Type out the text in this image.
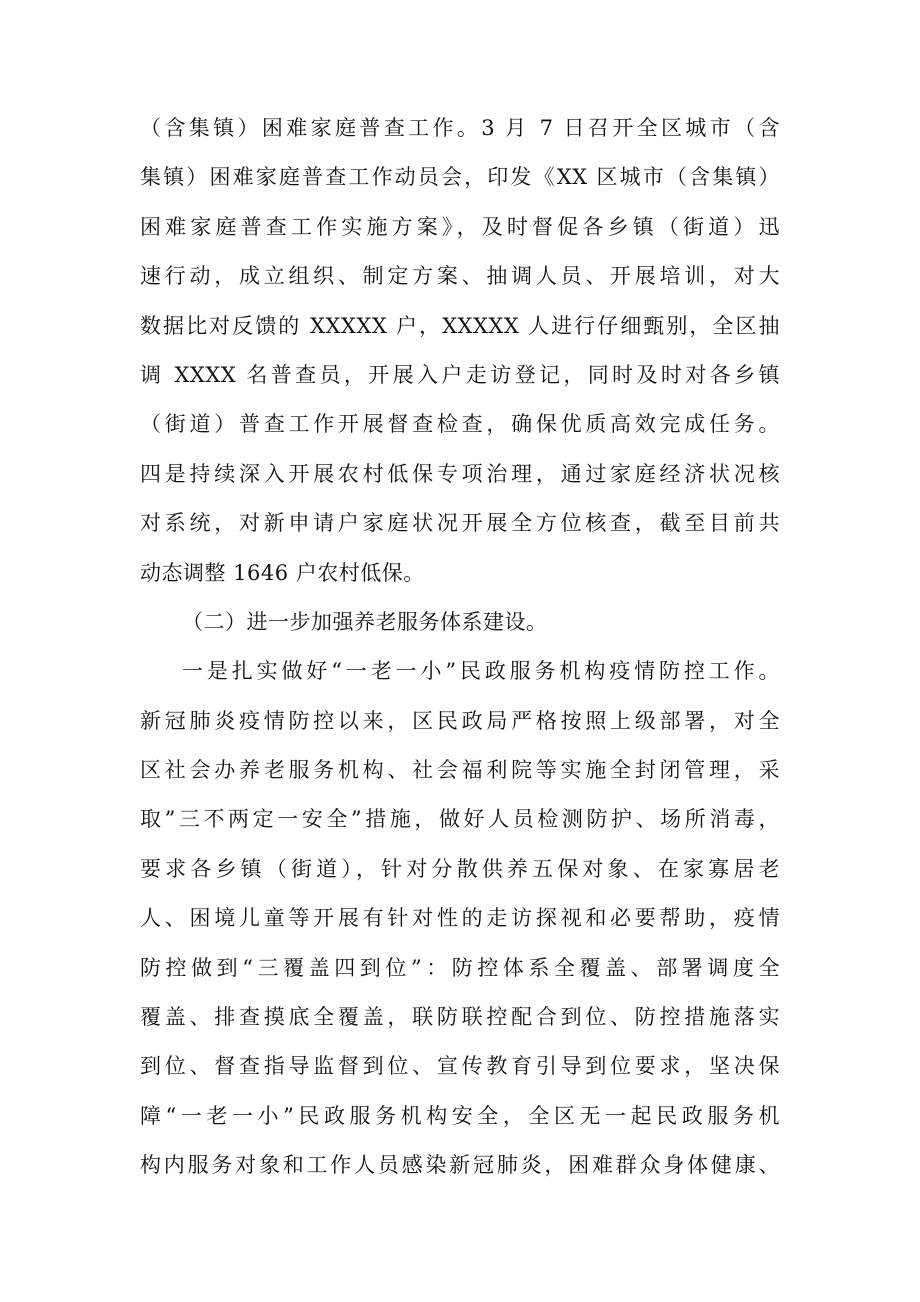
（含集镇）困难家庭普查工作。3 月 7 日召开全区城市（含
集镇）困难家庭普查工作动员会，印发《XX 区城市（含集镇）
困难家庭普查工作实施方案》，及时督促各乡镇（街道）迅
速行动，成立组织、制定方案、抽调人员、开展培训，对大
数据比对反馈的 XXXXX 户，XXXXX 人进行仔细甄别，全区抽
调 XXXX 名普查员，开展入户走访登记，同时及时对各乡镇
（街道）普查工作开展督查检查，确保优质高效完成任务。
四是持续深入开展农村低保专项治理，通过家庭经济状况核
对系统，对新申请户家庭状况开展全方位核查，截至目前共
动态调整 1646 户农村低保。
（二）进一步加强养老服务体系建设。
一是扎实做好“一老一小”民政服务机构疫情防控工作。
新冠肺炎疫情防控以来，区民政局严格按照上级部署，对全
区社会办养老服务机构、社会福利院等实施全封闭管理，采
取”三不两定一安全”措施，做好人员检测防护、场所消毒，
要求各乡镇（街道），针对分散供养五保对象、在家寡居老
人、困境儿童等开展有针对性的走访探视和必要帮助，疫情
防控做到“三覆盖四到位”：防控体系全覆盖、部署调度全
覆盖、排查摸底全覆盖，联防联控配合到位、防控措施落实
到位、督查指导监督到位、宣传教育引导到位要求，坚决保
障“一老一小”民政服务机构安全，全区无一起民政服务机
构内服务对象和工作人员感染新冠肺炎，困难群众身体健康、
